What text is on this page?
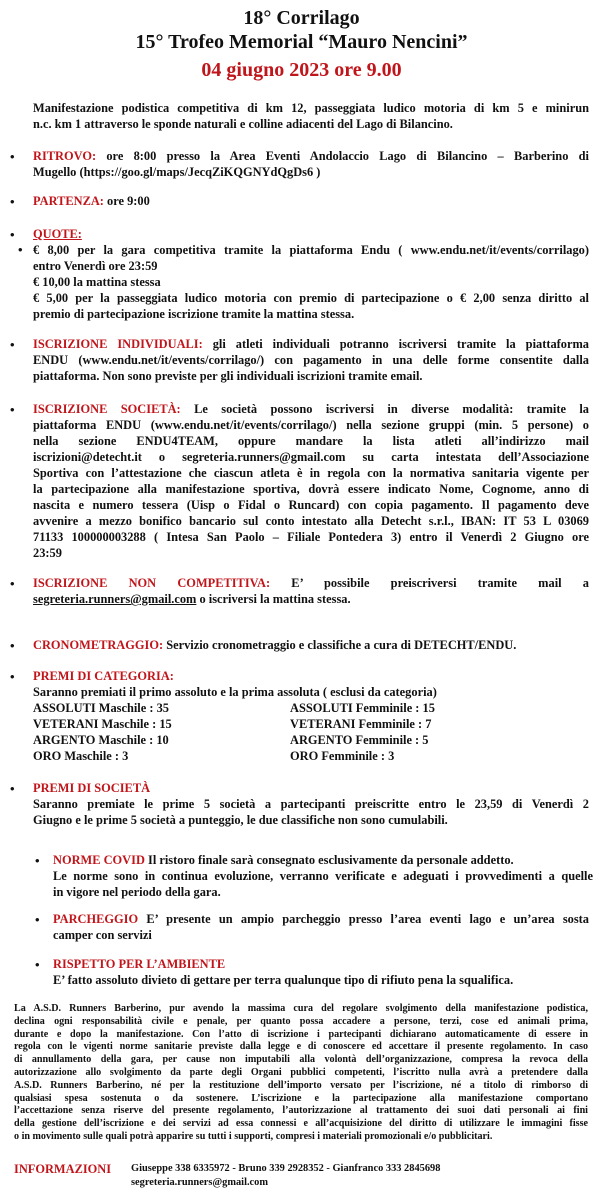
18° Corrilago
15° Trofeo Memorial “Mauro Nencini”
04 giugno 2023 ore 9.00
Manifestazione podistica competitiva di km 12, passeggiata ludico motoria di km 5 e minirun
n.c. km 1 attraverso le sponde naturali e colline adiacenti del Lago di Bilancino.
• RITROVO: ore 8:00 presso la Area Eventi Andolaccio Lago di Bilancino – Barberino di
Mugello (https://goo.gl/maps/JecqZiKQGNYdQgDs6 )
• PARTENZA: ore 9:00
• QUOTE:
• € 8,00 per la gara competitiva tramite la piattaforma Endu ( www.endu.net/it/events/corrilago)
entro Venerdì ore 23:59
€ 10,00 la mattina stessa
€ 5,00 per la passeggiata ludico motoria con premio di partecipazione o € 2,00 senza diritto al
premio di partecipazione iscrizione tramite la mattina stessa.
• ISCRIZIONE INDIVIDUALI: gli atleti individuali potranno iscriversi tramite la piattaforma
ENDU (www.endu.net/it/events/corrilago/) con pagamento in una delle forme consentite dalla
piattaforma. Non sono previste per gli individuali iscrizioni tramite email.
• ISCRIZIONE SOCIETÀ: Le società possono iscriversi in diverse modalità: tramite la
piattaforma ENDU (www.endu.net/it/events/corrilago/) nella sezione gruppi (min. 5 persone) o
nella sezione ENDU4TEAM, oppure mandare la lista atleti all’indirizzo mail
iscrizioni@detecht.it o segreteria.runners@gmail.com su carta intestata dell’Associazione
Sportiva con l’attestazione che ciascun atleta è in regola con la normativa sanitaria vigente per
la partecipazione alla manifestazione sportiva, dovrà essere indicato Nome, Cognome, anno di
nascita e numero tessera (Uisp o Fidal o Runcard) con copia pagamento. Il pagamento deve
avvenire a mezzo bonifico bancario sul conto intestato alla Detecht s.r.l., IBAN: IT 53 L 03069
71133 100000003288 ( Intesa San Paolo – Filiale Pontedera 3) entro il Venerdì 2 Giugno ore
23:59
• ISCRIZIONE NON COMPETITIVA: E’ possibile preiscriversi tramite mail a
segreteria.runners@gmail.com o iscriversi la mattina stessa.
• CRONOMETRAGGIO: Servizio cronometraggio e classifiche a cura di DETECHT/ENDU.
• PREMI DI CATEGORIA:
Saranno premiati il primo assoluto e la prima assoluta ( esclusi da categoria)
ASSOLUTI Maschile : 35
VETERANI Maschile : 15
ARGENTO Maschile : 10
ORO Maschile : 3
ASSOLUTI Femminile : 15
VETERANI Femminile : 7
ARGENTO Femminile : 5
ORO Femminile : 3
• PREMI DI SOCIETÀ
Saranno premiate le prime 5 società a partecipanti preiscritte entro le 23,59 di Venerdì 2
Giugno e le prime 5 società a punteggio, le due classifiche non sono cumulabili.
• NORME COVID Il ristoro finale sarà consegnato esclusivamente da personale addetto.
Le norme sono in continua evoluzione, verranno verificate e adeguati i provvedimenti a quelle
in vigore nel periodo della gara.
• PARCHEGGIO E’ presente un ampio parcheggio presso l’area eventi lago e un’area sosta
camper con servizi
• RISPETTO PER L’AMBIENTE
E’ fatto assoluto divieto di gettare per terra qualunque tipo di rifiuto pena la squalifica.
La A.S.D. Runners Barberino, pur avendo la massima cura del regolare svolgimento della manifestazione podistica,
declina ogni responsabilità civile e penale, per quanto possa accadere a persone, terzi, cose ed animali prima,
durante e dopo la manifestazione. Con l’atto di iscrizione i partecipanti dichiarano automaticamente di essere in
regola con le vigenti norme sanitarie previste dalla legge e di conoscere ed accettare il presente regolamento. In caso
di annullamento della gara, per cause non imputabili alla volontà dell’organizzazione, compresa la revoca della
autorizzazione allo svolgimento da parte degli Organi pubblici competenti, l’iscritto nulla avrà a pretendere dalla
A.S.D. Runners Barberino, né per la restituzione dell’importo versato per l’iscrizione, né a titolo di rimborso di
qualsiasi spesa sostenuta o da sostenere. L’iscrizione e la partecipazione alla manifestazione comportano
l’accettazione senza riserve del presente regolamento, l’autorizzazione al trattamento dei suoi dati personali ai fini
della gestione dell’iscrizione e dei servizi ad essa connessi e all’acquisizione del diritto di utilizzare le immagini fisse
o in movimento sulle quali potrà apparire su tutti i supporti, compresi i materiali promozionali e/o pubblicitari.
INFORMAZIONI Giuseppe 338 6335972 - Bruno 339 2928352 - Gianfranco 333 2845698
segreteria.runners@gmail.com
